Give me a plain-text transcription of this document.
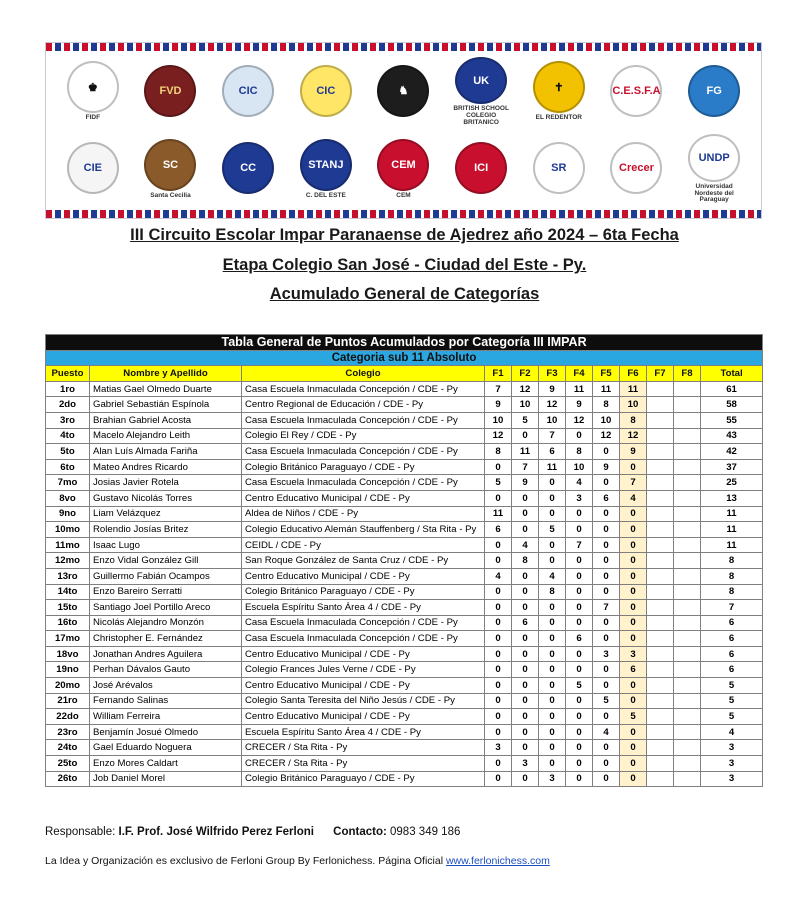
♚
FIDF
FVD	CIC	CIC	♞
UK
BRITISH SCHOOL COLEGIO BRITANICO
✝
EL REDENTOR
C.E.S.F.A	FG
CIE	SC
Santa Cecilia
CC	STANJ
C. DEL ESTE
CEM
CEM
ICI	SR	Crecer
UNDP
Universidad Nordeste del Paraguay
III Circuito Escolar Impar Paranaense de Ajedrez año 2024 – 6ta Fecha
Etapa Colegio San José - Ciudad del Este - Py.
Acumulado General de Categorías
Tabla General de Puntos Acumulados por Categoría III IMPAR											
Categoria sub 11 Absoluto											
Puesto	Nombre y Apellido	Colegio	F1	F2	F3	F4	F5	F6	F7	F8	Total
1ro	Matias Gael Olmedo Duarte	Casa Escuela Inmaculada Concepción / CDE - Py	7	12	9	11	11	11			61
2do	Gabriel Sebastián Espínola	Centro Regional de Educación / CDE - Py	9	10	12	9	8	10			58
3ro	Brahian Gabriel Acosta	Casa Escuela Inmaculada Concepción / CDE - Py	10	5	10	12	10	8			55
4to	Macelo Alejandro Leith	Colegio El Rey / CDE - Py	12	0	7	0	12	12			43
5to	Alan Luís Almada Fariña	Casa Escuela Inmaculada Concepción / CDE - Py	8	11	6	8	0	9			42
6to	Mateo Andres Ricardo	Colegio Británico Paraguayo / CDE - Py	0	7	11	10	9	0			37
7mo	Josias Javier Rotela	Casa Escuela Inmaculada Concepción / CDE - Py	5	9	0	4	0	7			25
8vo	Gustavo Nicolás Torres	Centro Educativo Municipal / CDE - Py	0	0	0	3	6	4			13
9no	Liam Velázquez	Aldea de Niños / CDE - Py	11	0	0	0	0	0			11
10mo	Rolendio Josías Britez	Colegio Educativo Alemán Stauffenberg / Sta Rita - Py	6	0	5	0	0	0			11
11mo	Isaac Lugo	CEIDL / CDE - Py	0	4	0	7	0	0			11
12mo	Enzo Vidal González Gill	San Roque González de Santa Cruz / CDE - Py	0	8	0	0	0	0			8
13ro	Guillermo Fabián Ocampos	Centro Educativo Municipal / CDE - Py	4	0	4	0	0	0			8
14to	Enzo Bareiro Serratti	Colegio Británico Paraguayo / CDE - Py	0	0	8	0	0	0			8
15to	Santiago Joel Portillo Areco	Escuela Espíritu Santo Área 4 / CDE - Py	0	0	0	0	7	0			7
16to	Nicolás Alejandro Monzón	Casa Escuela Inmaculada Concepción / CDE - Py	0	6	0	0	0	0			6
17mo	Christopher E. Fernández	Casa Escuela Inmaculada Concepción / CDE - Py	0	0	0	6	0	0			6
18vo	Jonathan Andres Aguilera	Centro Educativo Municipal / CDE - Py	0	0	0	0	3	3			6
19no	Perhan Dávalos Gauto	Colegio Frances Jules Verne / CDE - Py	0	0	0	0	0	6			6
20mo	José Arévalos	Centro Educativo Municipal / CDE - Py	0	0	0	5	0	0			5
21ro	Fernando Salinas	Colegio Santa Teresita del Niño Jesús / CDE - Py	0	0	0	0	5	0			5
22do	William Ferreira	Centro Educativo Municipal / CDE - Py	0	0	0	0	0	5			5
23ro	Benjamín Josué Olmedo	Escuela Espíritu Santo Área 4 / CDE - Py	0	0	0	0	4	0			4
24to	Gael Eduardo Noguera	CRECER / Sta Rita - Py	3	0	0	0	0	0			3
25to	Enzo Mores Caldart	CRECER / Sta Rita - Py	0	3	0	0	0	0			3
26to	Job Daniel Morel	Colegio Británico Paraguayo / CDE - Py	0	0	3	0	0	0			3
Responsable: I.F. Prof. José Wilfrido Perez Ferloni Contacto: 0983 349 186
La Idea y Organización es exclusivo de Ferloni Group By Ferlonichess. Página Oficial www.ferlonichess.com
